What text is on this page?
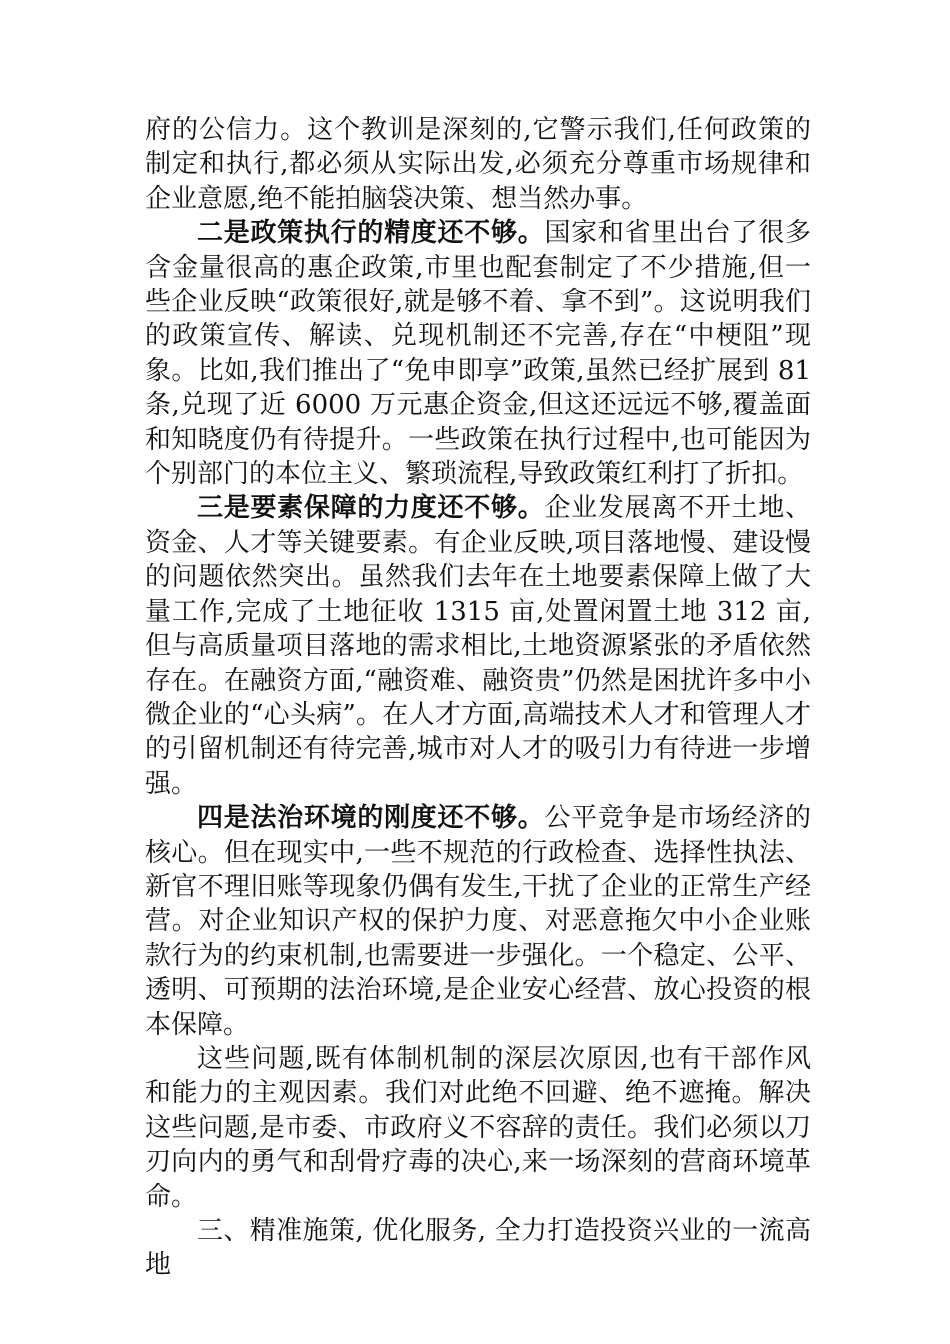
府的公信力。这个教训是深刻的,它警示我们,任何政策的制定和执行,都必须从实际出发,必须充分尊重市场规律和企业意愿,绝不能拍脑袋决策、想当然办事。

二是政策执行的精度还不够。国家和省里出台了很多含金量很高的惠企政策,市里也配套制定了不少措施,但一些企业反映“政策很好,就是够不着、拿不到”。这说明我们的政策宣传、解读、兑现机制还不完善,存在“中梗阻”现象。比如,我们推出了“免申即享”政策,虽然已经扩展到 81 条,兑现了近 6000 万元惠企资金,但这还远远不够,覆盖面和知晓度仍有待提升。一些政策在执行过程中,也可能因为个别部门的本位主义、繁琐流程,导致政策红利打了折扣。

三是要素保障的力度还不够。企业发展离不开土地、资金、人才等关键要素。有企业反映,项目落地慢、建设慢的问题依然突出。虽然我们去年在土地要素保障上做了大量工作,完成了土地征收 1315 亩,处置闲置土地 312 亩,但与高质量项目落地的需求相比,土地资源紧张的矛盾依然存在。在融资方面,“融资难、融资贵”仍然是困扰许多中小微企业的“心头病”。在人才方面,高端技术人才和管理人才的引留机制还有待完善,城市对人才的吸引力有待进一步增强。

四是法治环境的刚度还不够。公平竞争是市场经济的核心。但在现实中,一些不规范的行政检查、选择性执法、新官不理旧账等现象仍偶有发生,干扰了企业的正常生产经营。对企业知识产权的保护力度、对恶意拖欠中小企业账款行为的约束机制,也需要进一步强化。一个稳定、公平、透明、可预期的法治环境,是企业安心经营、放心投资的根本保障。

这些问题,既有体制机制的深层次原因,也有干部作风和能力的主观因素。我们对此绝不回避、绝不遮掩。解决这些问题,是市委、市政府义不容辞的责任。我们必须以刀刃向内的勇气和刮骨疗毒的决心,来一场深刻的营商环境革命。

三、精准施策, 优化服务, 全力打造投资兴业的一流高地
